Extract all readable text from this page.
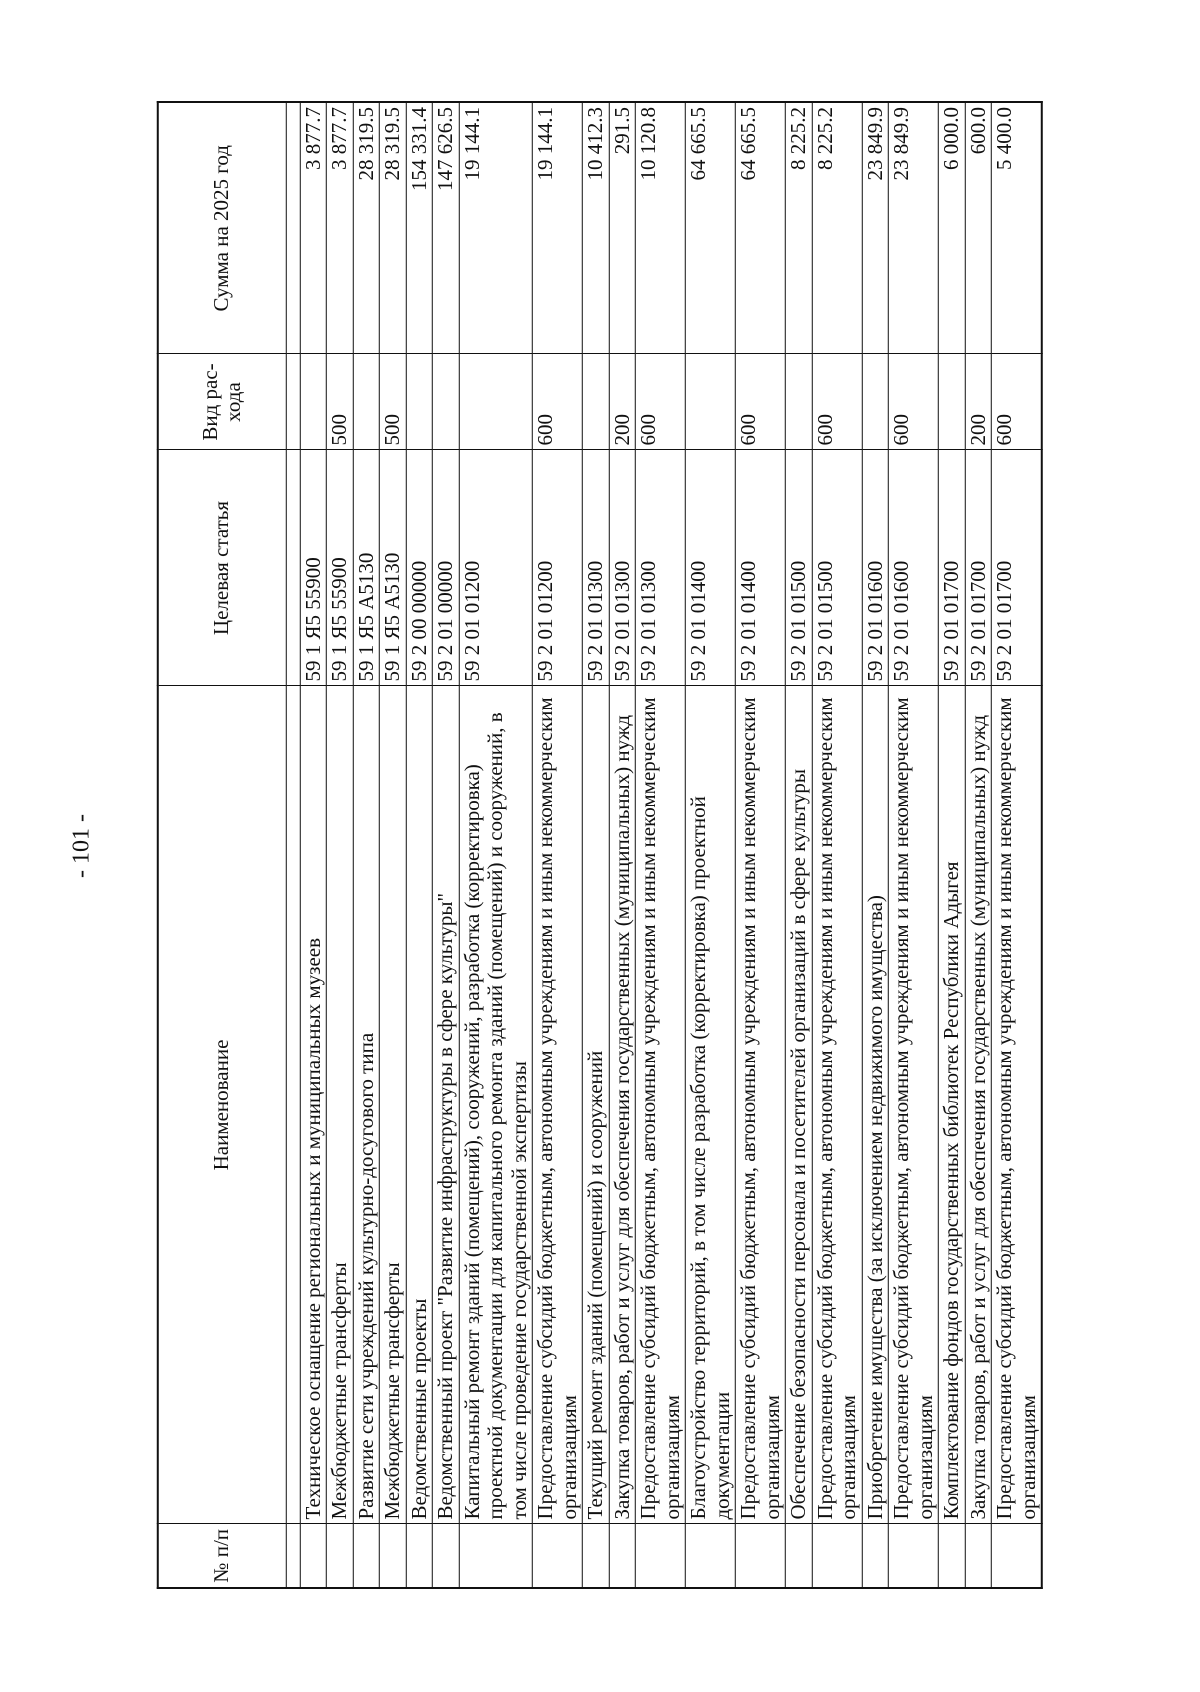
- 101 -
№ п/п	Наименование	Целевая статья	Вид рас-хода	Сумма на 2025 год

	Техническое оснащение региональных и муниципальных музеев	59 1 Я5 55900		3 877.7
	Межбюджетные трансферты	59 1 Я5 55900	500	3 877.7
	Развитие сети учреждений культурно-досугового типа	59 1 Я5 А5130		28 319.5
	Межбюджетные трансферты	59 1 Я5 А5130	500	28 319.5
	Ведомственные проекты	59 2 00 00000		154 331.4
	Ведомственный проект "Развитие инфраструктуры в сфере культуры"	59 2 01 00000		147 626.5
	Капитальный ремонт зданий (помещений), сооружений, разработка (корректировка) проектной документации для капитального ремонта зданий (помещений) и сооружений, в том числе проведение государственной экспертизы	59 2 01 01200		19 144.1
	Предоставление субсидий бюджетным, автономным учреждениям и иным некоммерческим организациям	59 2 01 01200	600	19 144.1
	Текущий ремонт зданий (помещений) и сооружений	59 2 01 01300		10 412.3
	Закупка товаров, работ и услуг для обеспечения государственных (муниципальных) нужд	59 2 01 01300	200	291.5
	Предоставление субсидий бюджетным, автономным учреждениям и иным некоммерческим организациям	59 2 01 01300	600	10 120.8
	Благоустройство территорий, в том числе разработка (корректировка) проектной документации	59 2 01 01400		64 665.5
	Предоставление субсидий бюджетным, автономным учреждениям и иным некоммерческим организациям	59 2 01 01400	600	64 665.5
	Обеспечение безопасности персонала и посетителей организаций в сфере культуры	59 2 01 01500		8 225.2
	Предоставление субсидий бюджетным, автономным учреждениям и иным некоммерческим организациям	59 2 01 01500	600	8 225.2
	Приобретение имущества (за исключением недвижимого имущества)	59 2 01 01600		23 849.9
	Предоставление субсидий бюджетным, автономным учреждениям и иным некоммерческим организациям	59 2 01 01600	600	23 849.9
	Комплектование фондов государственных библиотек Республики Адыгея	59 2 01 01700		6 000.0
	Закупка товаров, работ и услуг для обеспечения государственных (муниципальных) нужд	59 2 01 01700	200	600.0
	Предоставление субсидий бюджетным, автономным учреждениям и иным некоммерческим организациям	59 2 01 01700	600	5 400.0
